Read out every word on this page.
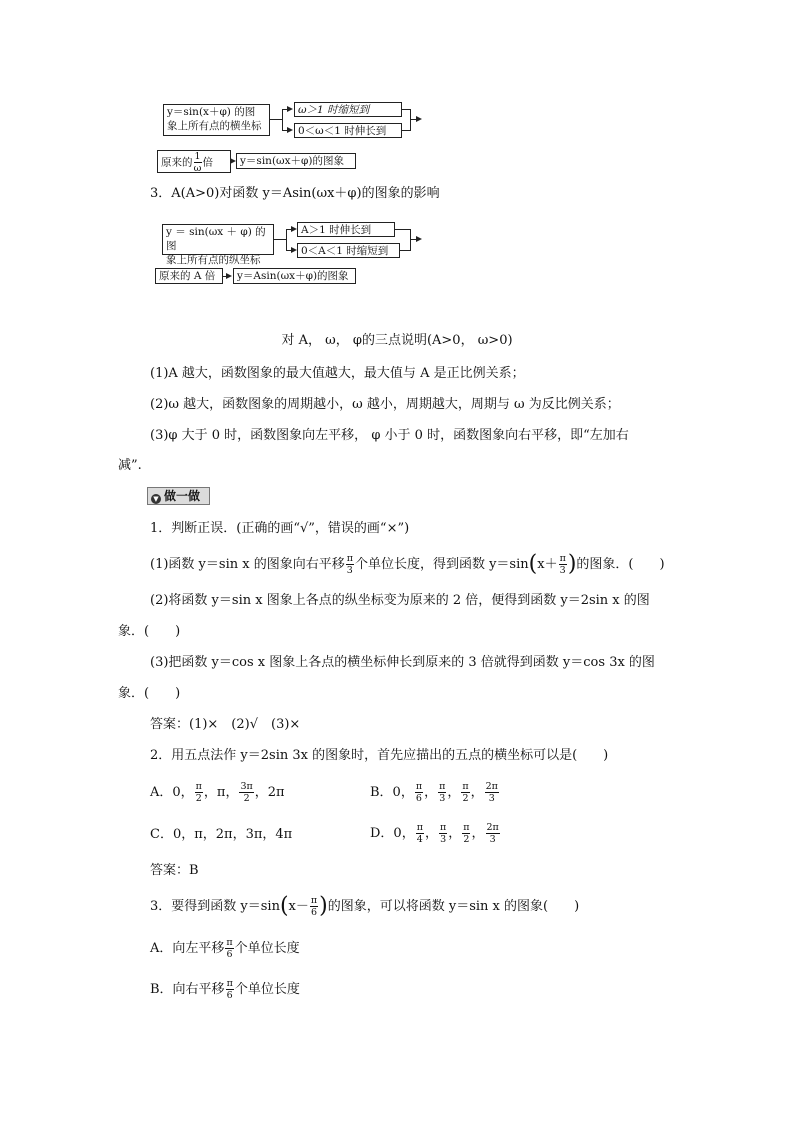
y＝sin(x＋φ) 的图
象上所有点的横坐标
ω＞1 时缩短到
0＜ω＜1 时伸长到
原来的 $\frac{1}{\omega}$ 倍	y＝sin(ωx＋φ)的图象
3．A(A>0)对函数 y＝Asin(ωx＋φ)的图象的影响
y ＝ sin(ωx ＋ φ) 的图
象上所有点的纵坐标
A＞1 时伸长到
0＜A＜1 时缩短到
原来的 A 倍	y＝Asin(ωx＋φ)的图象
对 A， ω， φ的三点说明(A>0， ω>0)
(1)A 越大，函数图象的最大值越大，最大值与 A 是正比例关系；
(2)ω 越大，函数图象的周期越小，ω 越小，周期越大，周期与 ω 为反比例关系；
(3)φ 大于 0 时，函数图象向左平移， φ 小于 0 时，函数图象向右平移，即“左加右
减”.
▼ 做一做
1．判断正误．(正确的画“√”，错误的画“×”)
(1)函数 y＝sin x 的图象向右平移 $\frac{\pi}{3}$ 个单位长度，得到函数 $y=\sin(x+ \frac{\pi}{3}$ )的图象．(　　)
(2)将函数 y＝sin x 图象上各点的纵坐标变为原来的 2 倍，便得到函数 y＝2sin x 的图
象．(　　)
(3)把函数 y＝cos x 图象上各点的横坐标伸长到原来的 3 倍就得到函数 y＝cos 3x 的图
象．(　　)
答案：(1)×　(2)√　(3)×
2．用五点法作 y＝2sin 3x 的图象时，首先应描出的五点的横坐标可以是(　　)
A．0， $\frac{\pi}{2}$ ，π， $\frac{3\pi}{2}$ ，2π	B．0， $\frac{\pi}{6}$ ， $\frac{\pi}{3}$ ， $\frac{\pi}{2}$ ， $\frac{2\pi}{3}$
C．0，π，2π，3π，4π	D．0， $\frac{\pi}{4}$ ， $\frac{\pi}{3}$ ， $\frac{\pi}{2}$ ， $\frac{2\pi}{3}$
答案：B
3．要得到函数 $y=\sin(x- \frac{\pi}{6}$ )的图象，可以将函数 y＝sin x 的图象(　　)
A．向左平移 $\frac{\pi}{6}$ 个单位长度
B．向右平移 $\frac{\pi}{6}$ 个单位长度
